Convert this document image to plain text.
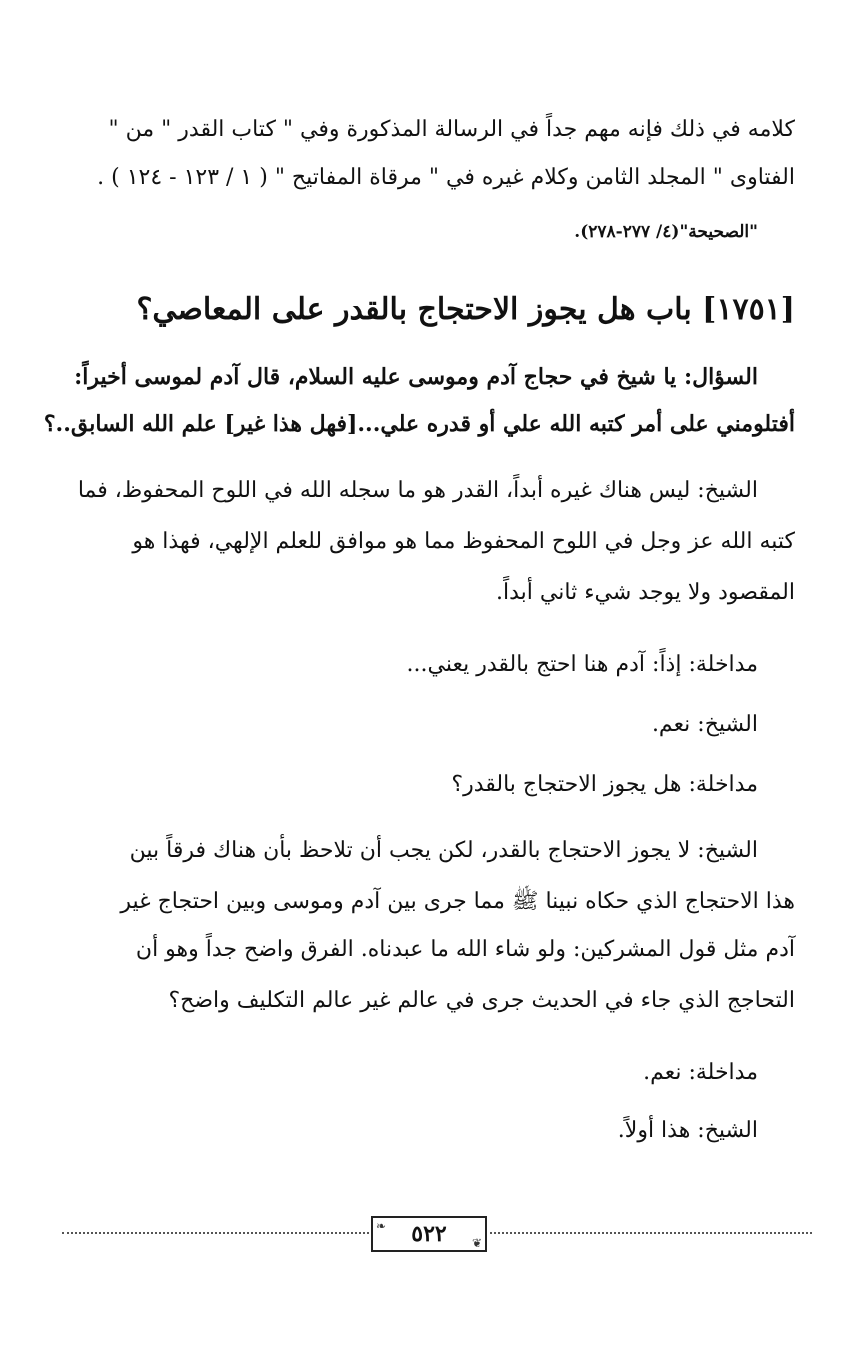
كلامه في ذلك فإنه مهم جداً في الرسالة المذكورة وفي " كتاب القدر " من "

الفتاوى " المجلد الثامن وكلام غيره في " مرقاة المفاتيح " ( ١ / ١٢٣ - ١٢٤ ) .

"الصحيحة"(٤/ ٢٧٧-٢٧٨).

[١٧٥١] باب هل يجوز الاحتجاج بالقدر على المعاصي؟

السؤال: يا شيخ في حجاج آدم وموسى عليه السلام، قال آدم لموسى أخيراً:

أفتلومني على أمر كتبه الله علي أو قدره علي...[فهل هذا غير] علم الله السابق..؟

الشيخ: ليس هناك غيره أبداً، القدر هو ما سجله الله في اللوح المحفوظ، فما

كتبه الله عز وجل في اللوح المحفوظ مما هو موافق للعلم الإلهي، فهذا هو

المقصود ولا يوجد شيء ثاني أبداً.

مداخلة: إذاً: آدم هنا احتج بالقدر يعني...

الشيخ: نعم.

مداخلة: هل يجوز الاحتجاج بالقدر؟

الشيخ: لا يجوز الاحتجاج بالقدر، لكن يجب أن تلاحظ بأن هناك فرقاً بين

هذا الاحتجاج الذي حكاه نبينا ﷺ مما جرى بين آدم وموسى وبين احتجاج غير

آدم مثل قول المشركين: ولو شاء الله ما عبدناه. الفرق واضح جداً وهو أن

التحاجج الذي جاء في الحديث جرى في عالم غير عالم التكليف واضح؟

مداخلة: نعم.

الشيخ: هذا أولاً.

❧
❦
٥٢٢
